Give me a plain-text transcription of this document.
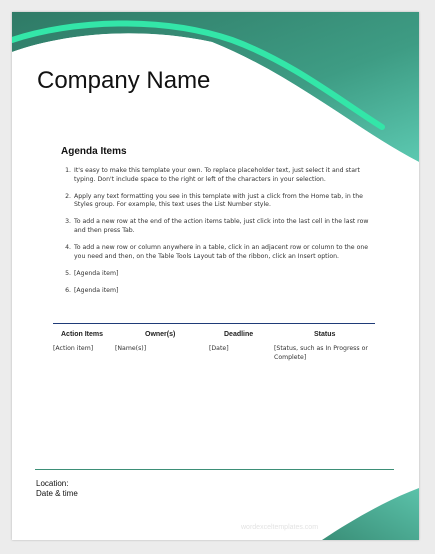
Company Name
Agenda Items
1. It's easy to make this template your own. To replace placeholder text, just select it and start typing. Don't include space to the right or left of the characters in your selection.
2. Apply any text formatting you see in this template with just a click from the Home tab, in the Styles group. For example, this text uses the List Number style.
3. To add a new row at the end of the action items table, just click into the last cell in the last row and then press Tab.
4. To add a new row or column anywhere in a table, click in an adjacent row or column to the one you need and then, on the Table Tools Layout tab of the ribbon, click an Insert option.
5. [Agenda item]
6. [Agenda item]
Action Items	Owner(s)	Deadline	Status
[Action item]	[Name(s)]	[Date]	[Status, such as In Progress or Complete]
Location:
Date & time
wordexceltemplates.com
